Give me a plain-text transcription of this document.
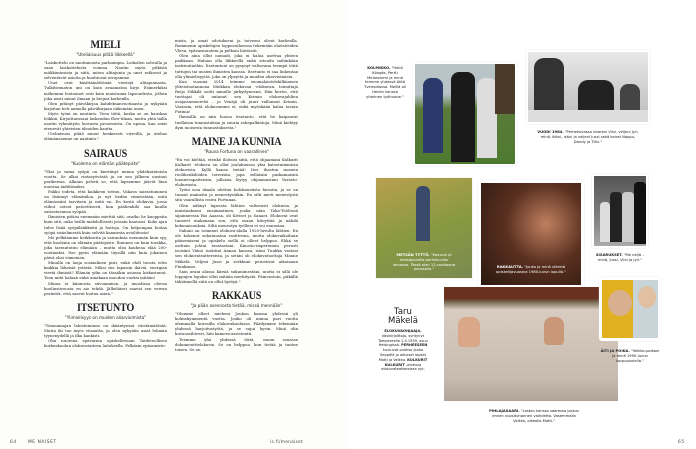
MIELI
"Uteliaisuus pitää liikkeellä"

"Laiskottelu on nautinnoista parhaimpia. Loikoilen sohvalla ja saan laiskottelusta voimaa. Nautin myös pitkistä mökkimiesista ja siitä, miten alitajunta ja unet ratkovat ja selventävät asioita ja huuhtovat aivojamme.

Unet ovat käsittämättömiä viestejä alitajunnasta. Tulkitsematon uni on kuin avaamaton kirje. Esimerkiksi mökemmi lentounet ovat kuin muistumia lapsuudesta, jolloin joka nosti minut ilmaan ja heijasi korkealla.

Olen pitänyt päiväkirjaa kahdeksanvuotiaasta ja nykyään kirjoitan heti aamulla päiväkirjaan näkemäni unen.

Myös työni on nautinto. Teen töitä, koska se on hauskaa leikkiä. Kirjoittaessani laskeudun flow-tilaan, mutta yhtä lailla nautin ryhmätyön luovasta prosessista. On upeaa, kun asiat etenevät yhteisten ideoiden kautta.

Uteliaisuus pitää minut henkisesti virreillä, ja utelias elämänasenne on nautinto."

SAIRAUS
"Kuolema on elämän päätepiste"

"Yksi ja sama syöpä on kiertänyt minua yhdeksäntoista vuotta. Se alkoi rintasyövästä ja on sen jälkeen uusinut parikertaa. Alkuun pelotti se, että lapsemme jäävät liian nuorina äidittömiksi.

Pakko todeta, että kaikkeen tottuu. Vakava sairastuminen on lisännyt elämäniloa, ja nyt tiedän viimeistään, mitä elämässäni tarvitsen ja mitä en. En kestä elokuvia, jossa viihut soivat patoettisesti, kun päähenkilö saa kuulla sairastavansa syöpää.

Ihmisten pitäisi enemmän miettiä sitä, ovatko he kuoppaita kuin sitä, onko heillä mahdollisesti jossain haavaisi. Koko ajan tulee lisää syöpälääkkeitä ja hoitoja. On helpompaa hoitaa syöpä sisäelimestä kuin selvitä kaamesta avioliitosta!

Me pelkäämme heikkoutta ja sairauksia enemmän kuin syy, että kuolema on elämän päätepiste. Ihminen on kuin torakka, joka tarraututuu elämään – mutta olisi kauheaa elää 200-vuotiaaksi. Itse pyrin elämään täysillä niin kuin jokainen päivä olisi viimeinen.

Minulla on laaja sosiaalinen piiri, enkä ehdi tavata edes kaikkia läheisiä ystäviä. Miksi siis tapaisin ikäviä, energiaa vieviä ihmisiä? Elämän ydin on tässäkin asiassa kirkastunut. Teen mitä haluan enkä ainakaan muodon vuoksi mitään!

Minua ei kiinnosta siivoaminen, ja muodissa olevaa kuolinsiivousta en aio tehdä. Jälkeläiset saavat sen verran perintöä, että saavat hoitaa asian."

ITSETUNTO
"Ylimielisyys on muiden aliarvioimista"

"Tomuamajan lahistuminen on ikääntyessä väistämätöntä. Mutta iki tuo myös viisautta, ja olen nykyään asiat lehmän tyynenydellä ja ilka kankisti.

Olin nuorena epävarma opiskellessani Taideteollisen korkeakoulun elokuvataiteen laitoksella. Pelkäsin epäonnistu-

mista, ja omat odotukseni ja toiveeni olivat korkealla. Rammenin opiskelujen loppuvaiheessa tekemään ohetsiviiden Vleen, epävarmuuteni ja pelkoni häviävät.

Olen aina ollut nomadi, joka ei halua asettua yhteen paikkaan. Haluan olla liikkeellä enkä sitoudu mihinkään instituutioihin. Itsetuntoni on pysynyt valtavana teempä töitä tuttujen tai uusien ihmisten kanssa. Itsetunto ei saa liukentaa olla ylimielisyyttä, joka on ylpeyttä ja muiden aliarvioimista.

Kun vuonna 2014 teimme suomalaistelekilkiiaisen yhteistuotannona Miekkan elokuvan -elokuvan, toimittaja Reijo Nikkilä soitti minulle järkyttyneenä. Hän kertoi, että tuottajat oli antanut sen Krimin elokuvajuhlien avajaisnemorelei – ja Venäjä oli juuri vallannut Krimin. Vastasin, että elokuvamme ei, enkä myöskään halua tavata Putinia!

Ihmisillä on niin huono itsetunto, että he kaipaavat tuollaisia tunnustuksia ja suuria rahapalkintoja. Minä kiehtyy dyin moisesta tunnustuksesta."

MAINE JA KUNNIA
"Rouva Fortuna on vaarallinen"

"En voi kieltää, etenkö iloitsisi siitä, että ohjaamani Kulkurit Kulkurit -elokuva on ollut joulukuussa yksi katsotuimmista elokuvista. Kyllä kansa tietää! Itse ihastun monien roolihenkilöiden toiveisiin, jopa sellaisiin paskamaisiin luonnevapaiteisiin, jollaisia löytyy ohjaamastani Varasto-elokuvasta.

Työni isoa skaala ulottuu holokaustista farssiin, ja se on tuonut maineita ja menestystäkin. En silti mieti menestystä sitä vaarallista rouva Fortunaa.

Olen nähnyt lapsesta lähtien valtavasti elokuvia, ja muistaakseni ensimmäinen, jonka näin Taka-Töölössä sijainneessa Bio Aaassa, oli Kiviset ja Sanaet. Elokuvat ovat tuoneet mukanaan sen, että osaan kiteyttää ja nähdä kokonaisuuksia. Siltä menestyn työlleni ei voi ennustaa.

Sukuni on toiminut elokuva-alalla 1920-luvulta lähtien. En ole kokenut sukutaustaa rasitteena, mutta elokuvaikoiluun pääsemiseni ja opiskelu siellä ei olleet helppoa. Ehkä se osittain johtui taustastani. Kinosto-imperiumin perusti isoisäni Väinö isoäitini Annan kanssa, isäni Tuukka vastasi sen elokuvateattereista, ja setäni oli elokuvatuottaja Manne Mäkelä. Veljeni Jussi ja serkkuni perustivat aikoinaan Finnkinon.

Sain urani alussa kärsiä sukunimestäni, mutta ei sillä ole loppujen lopuksi ollut mitään merkitystä. Päinvastoin, pitkällä tähtäimellä siitä on ollut hyötyä."

RAKKAUS
"Ja pään asennosta tietää, missä mennään"

"Olemme olleet mieheni Joukon kanssa yhdessä yli kolmekymmentä vuotta. Jouko oli minua pari vuotta alemmalla kurssilla elokuvakoulussa. Päädyimme tekemään yhdessä harjoitustyötä, ja se sujui hyvin. Minä olin kuvaussihteeri, hän kamera-assistentti.

Teemme yhä yhdessä töitä, muun muassa dokumenttielokuvia. Se on helppoa, kun tietää ja tuntee toisen. Se on

64	ME NAISET	is.fi/menaiset
KOLMIKKO. "Heidi Köngäs, Pertti Melasniemi ja minä teimme yhdessä töitä Tveirodiossa. Meillä oli Heidin kanssa yhteinen työhuone."
VUODI 1964. "Perhekuvassa sisareni Viivi, veljeni Jyri, minä, äitini, isäni ja veljeni Jussi sekä koirat Nappu, Dandy ja Tiltu."
METSÄN TYTTÖ. "Kasvoin pi metsäpoluilla perhekuvien lomassa. Tässä olen 12-vuotiaana paussalla."
RAKKAUTTA. "Jouko ja minä viileinä opiskelijavuosina 1980-luvun lopulla."
SISARUKSET. "Me neljä – minä, Jussi, Viivi ja Jyri."
Taru
Mäkelä
ELOKUVAOHJAAJA, käsikirjoittaja, syntynyt Tampereella 1.4.1959, asuu Helsingissä. PERHEESEEN kuuluvat puoliso Jouko Seppälä ja aikuiset lapset Matti ja Veikko. KULKURIT KULKURIT -elokuva elokuvateattereissa nyt.
ÄITI JA POIKA. "Veikko-poikani ja minä 1990-luvun loppupuolella."
PIHLAJASAARI. "Lasten kanssa saaressa joskus ennen vuosituhannen vaihdetta. Vasemmalla Veikko, oikealla Matti."
65
